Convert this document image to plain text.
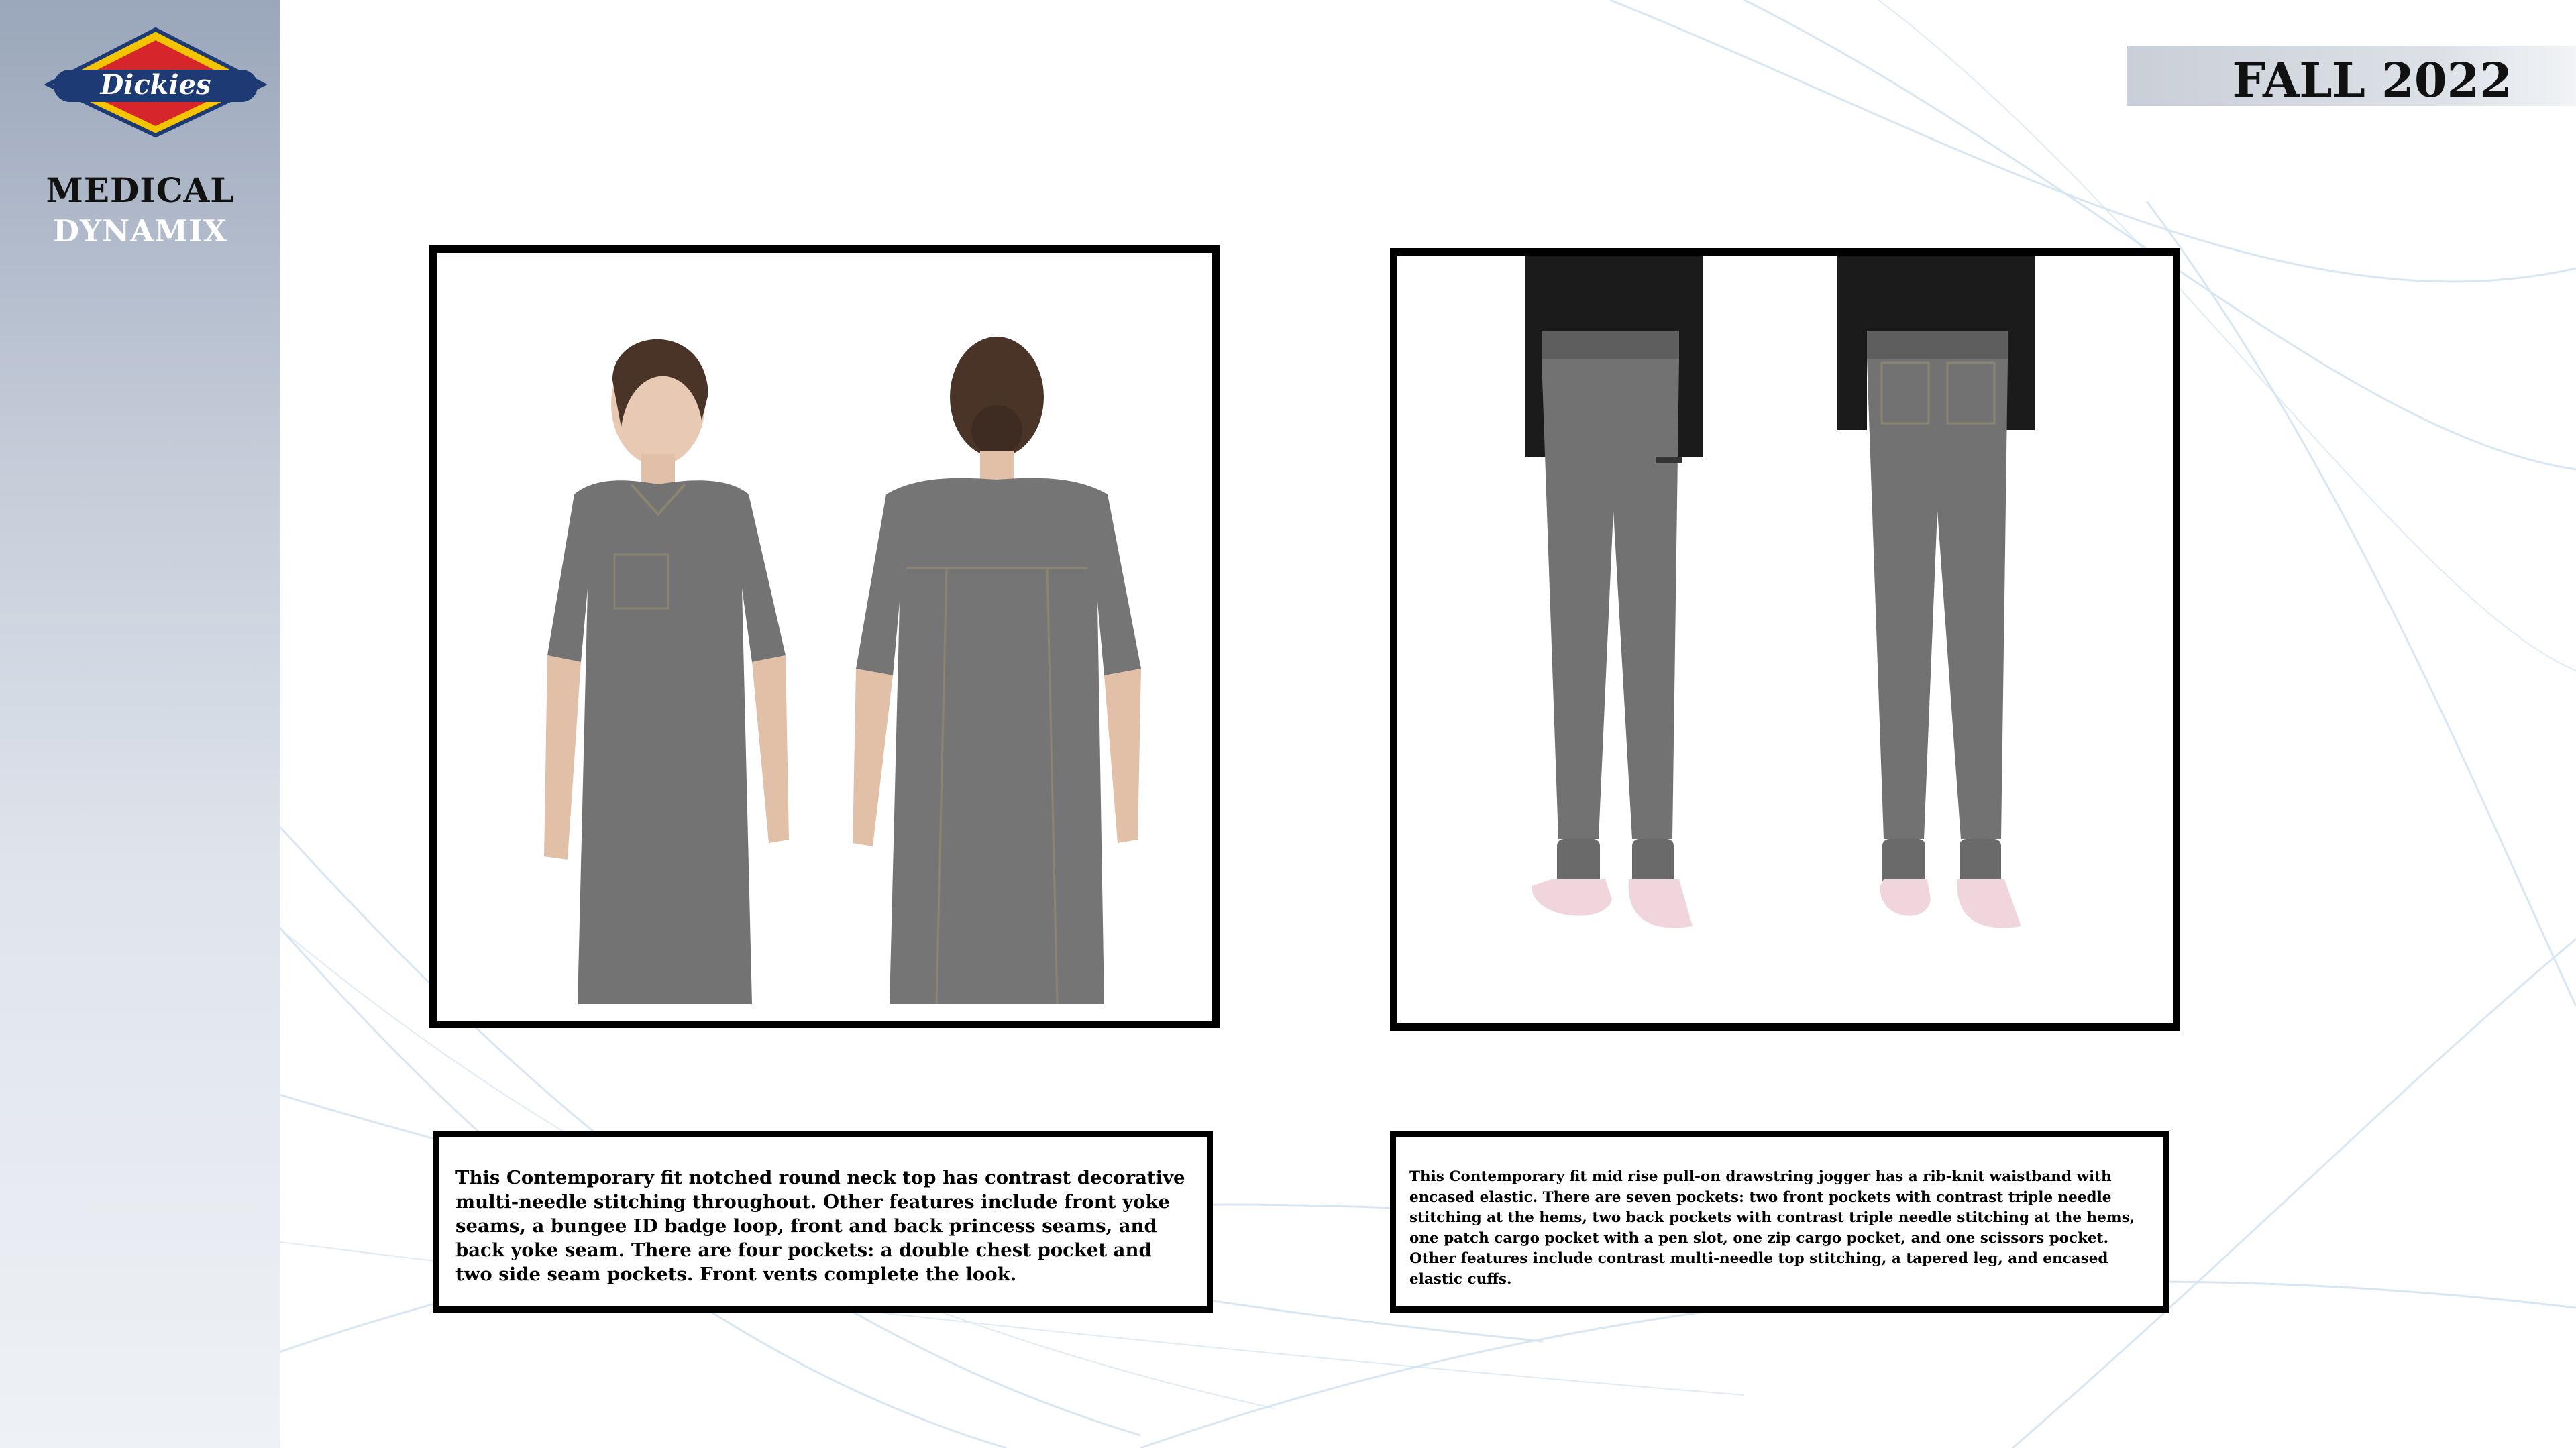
Dickies
MEDICAL
DYNAMIX
FALL 2022
This Contemporary fit notched round neck top has contrast decorative multi-needle stitching throughout. Other features include front yoke seams, a bungee ID badge loop, front and back princess seams, and back yoke seam. There are four pockets: a double chest pocket and two side seam pockets. Front vents complete the look.
This Contemporary fit mid rise pull-on drawstring jogger has a rib-knit waistband with encased elastic. There are seven pockets: two front pockets with contrast triple needle stitching at the hems, two back pockets with contrast triple needle stitching at the hems, one patch cargo pocket with a pen slot, one zip cargo pocket, and one scissors pocket. Other features include contrast multi-needle top stitching, a tapered leg, and encased elastic cuffs.
